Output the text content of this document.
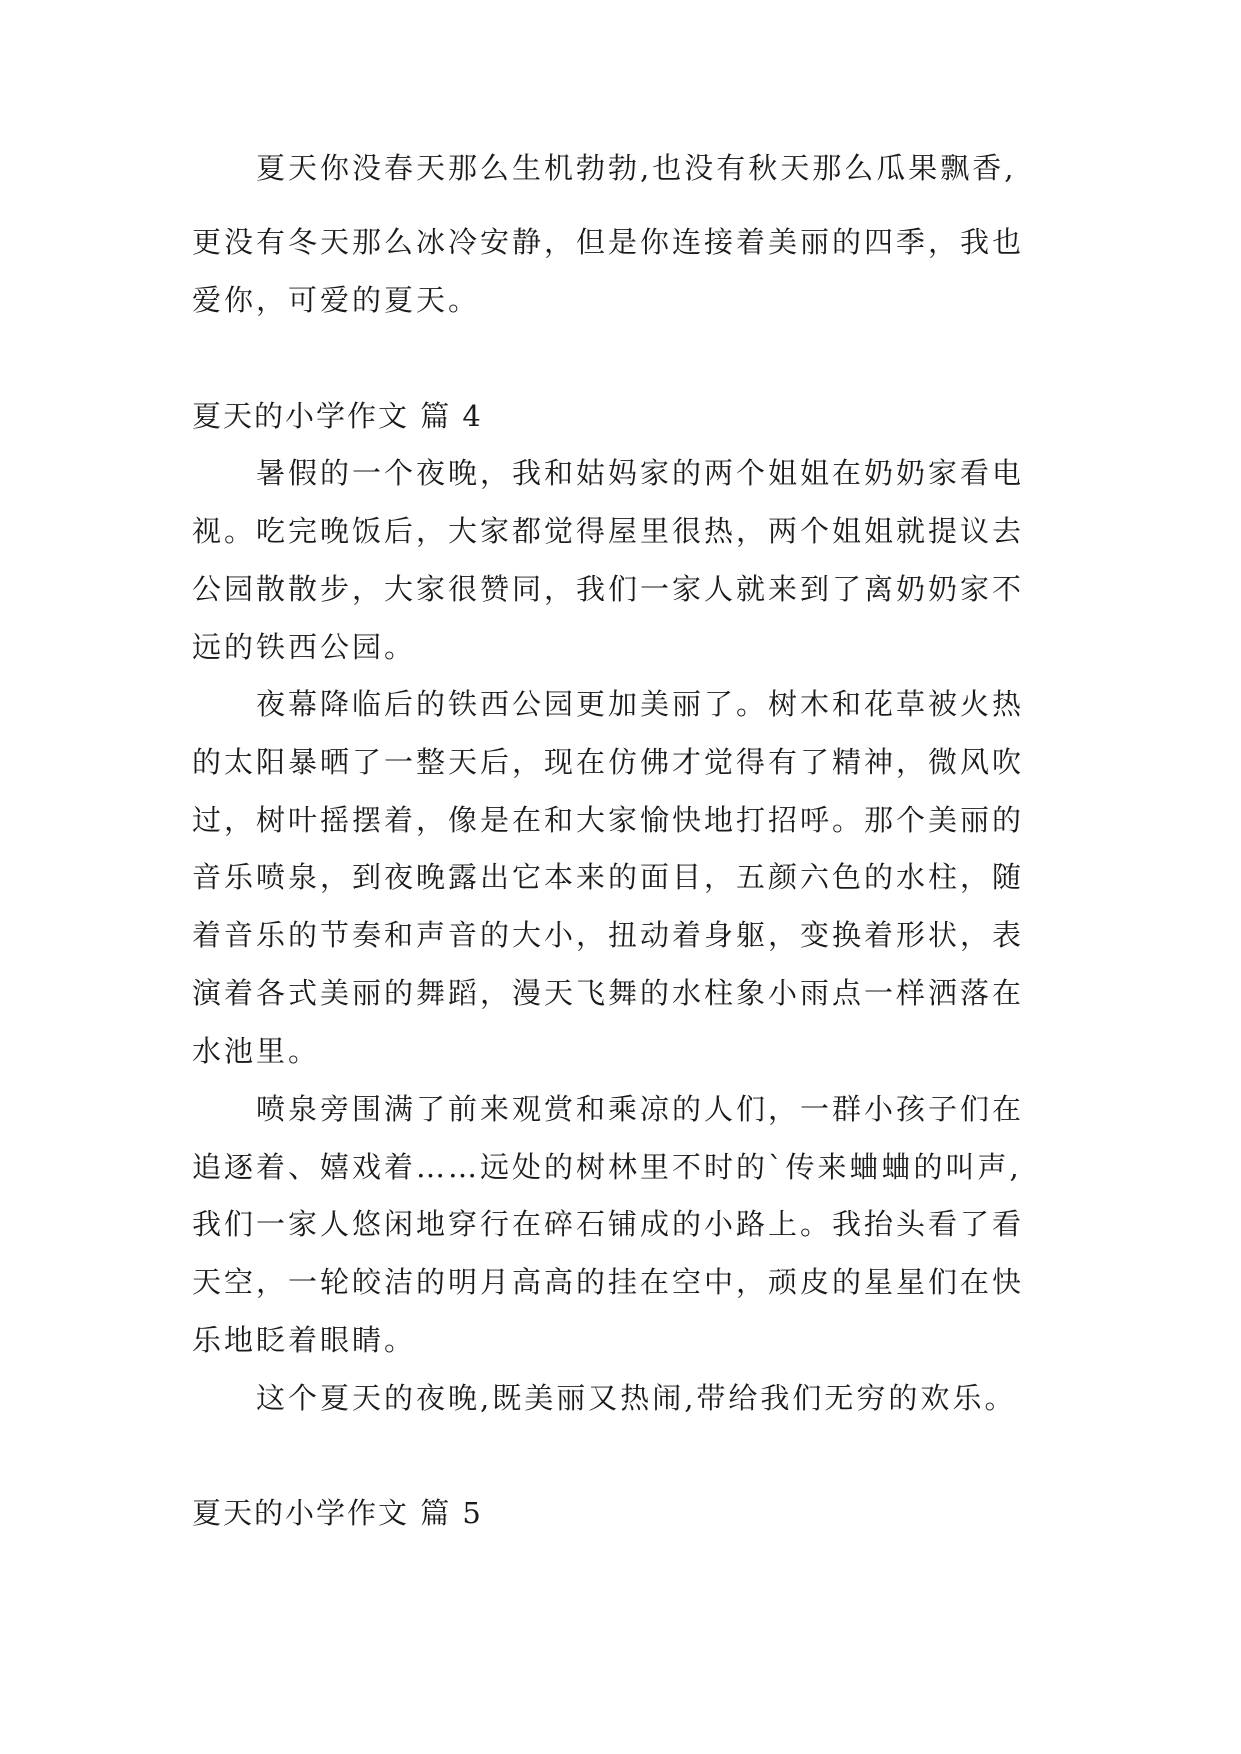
夏天你没春天那么生机勃勃,也没有秋天那么瓜果飘香,
更没有冬天那么冰冷安静，但是你连接着美丽的四季，我也
爱你，可爱的夏天。
夏天的小学作文 篇 4
暑假的一个夜晚，我和姑妈家的两个姐姐在奶奶家看电
视。吃完晚饭后，大家都觉得屋里很热，两个姐姐就提议去
公园散散步，大家很赞同，我们一家人就来到了离奶奶家不
远的铁西公园。
夜幕降临后的铁西公园更加美丽了。树木和花草被火热
的太阳暴晒了一整天后，现在仿佛才觉得有了精神，微风吹
过，树叶摇摆着，像是在和大家愉快地打招呼。那个美丽的
音乐喷泉，到夜晚露出它本来的面目，五颜六色的水柱，随
着音乐的节奏和声音的大小，扭动着身躯，变换着形状，表
演着各式美丽的舞蹈，漫天飞舞的水柱象小雨点一样洒落在
水池里。
喷泉旁围满了前来观赏和乘凉的人们，一群小孩子们在
追逐着、嬉戏着……远处的树林里不时的`传来蛐蛐的叫声,
我们一家人悠闲地穿行在碎石铺成的小路上。我抬头看了看
天空，一轮皎洁的明月高高的挂在空中，顽皮的星星们在快
乐地眨着眼睛。
这个夏天的夜晚,既美丽又热闹,带给我们无穷的欢乐。
夏天的小学作文 篇 5
